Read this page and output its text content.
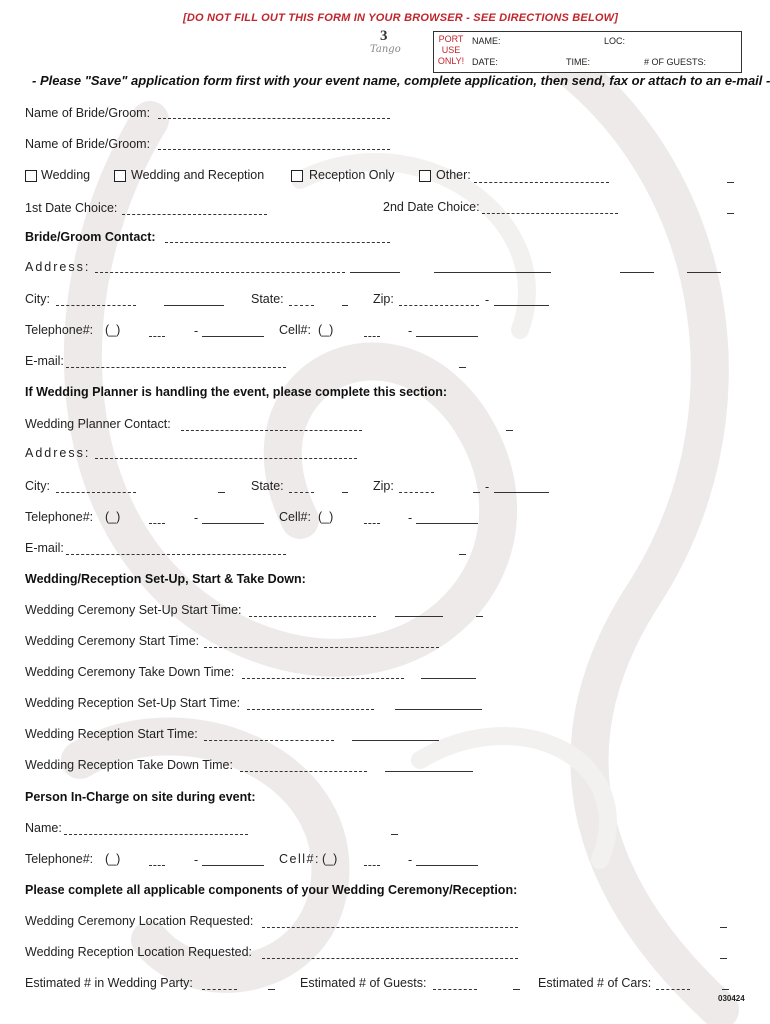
[DO NOT FILL OUT THIS FORM IN YOUR BROWSER - SEE DIRECTIONS BELOW]
3
Tango
PORT
USE
ONLY!
NAME:	LOC:
DATE:	TIME:	# OF GUESTS:
- Please "Save" application form first with your event name, complete application, then send, fax or attach to an e-mail -
Name of Bride/Groom:
Name of Bride/Groom:
Wedding	Wedding and Reception	Reception Only	Other:
1st Date Choice:	2nd Date Choice:
Bride/Groom Contact:
Address:
City:	State:	Zip:	-
Telephone#: (_)	-	Cell#: (_)	-
E-mail:
If Wedding Planner is handling the event, please complete this section:
Wedding Planner Contact:
Address:
City:	State:	Zip:	-
Telephone#: (_)	-	Cell#: (_)	-
E-mail:
Wedding/Reception Set-Up, Start & Take Down:
Wedding Ceremony Set-Up Start Time:
Wedding Ceremony Start Time:
Wedding Ceremony Take Down Time:
Wedding Reception Set-Up Start Time:
Wedding Reception Start Time:
Wedding Reception Take Down Time:
Person In-Charge on site during event:
Name:
Telephone#: (_)	-	Cell#: (_)	-
Please complete all applicable components of your Wedding Ceremony/Reception:
Wedding Ceremony Location Requested:
Wedding Reception Location Requested:
Estimated # in Wedding Party:	Estimated # of Guests:	Estimated # of Cars:
030424
